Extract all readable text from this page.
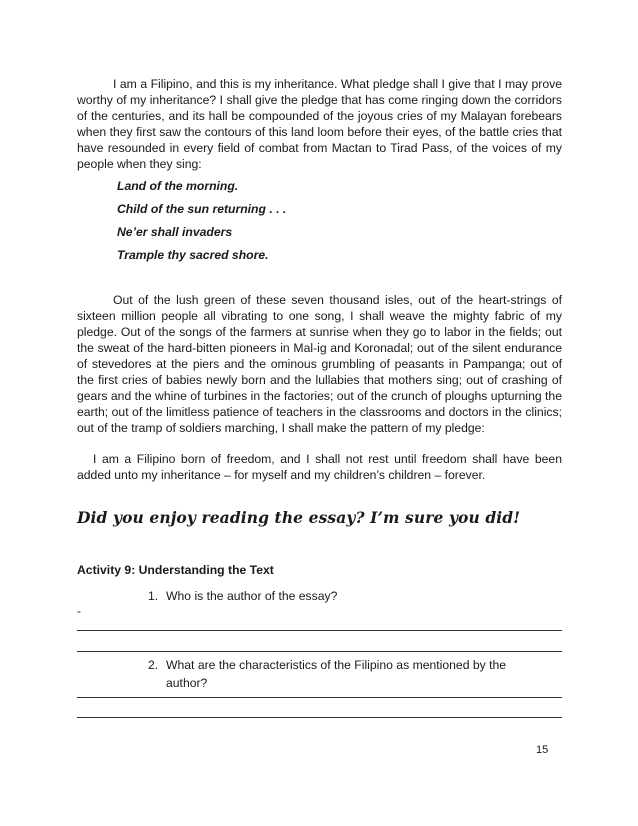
I am a Filipino, and this is my inheritance. What pledge shall I give that I may prove worthy of my inheritance? I shall give the pledge that has come ringing down the corridors of the centuries, and its hall be compounded of the joyous cries of my Malayan forebears when they first saw the contours of this land loom before their eyes, of the battle cries that have resounded in every field of combat from Mactan to Tirad Pass, of the voices of my people when they sing:

Land of the morning.
Child of the sun returning . . .
Ne’er shall invaders
Trample thy sacred shore.

Out of the lush green of these seven thousand isles, out of the heart-strings of sixteen million people all vibrating to one song, I shall weave the mighty fabric of my pledge. Out of the songs of the farmers at sunrise when they go to labor in the fields; out the sweat of the hard-bitten pioneers in Mal-ig and Koronadal; out of the silent endurance of stevedores at the piers and the ominous grumbling of peasants in Pampanga; out of the first cries of babies newly born and the lullabies that mothers sing; out of crashing of gears and the whine of turbines in the factories; out of the crunch of ploughs upturning the earth; out of the limitless patience of teachers in the classrooms and doctors in the clinics; out of the tramp of soldiers marching, I shall make the pattern of my pledge:

I am a Filipino born of freedom, and I shall not rest until freedom shall have been added unto my inheritance – for myself and my children’s children – forever.

Did you enjoy reading the essay? I’m sure you did!
Activity 9: Understanding the Text
1. Who is the author of the essay?
-
2. What are the characteristics of the Filipino as mentioned by the
author?
15
